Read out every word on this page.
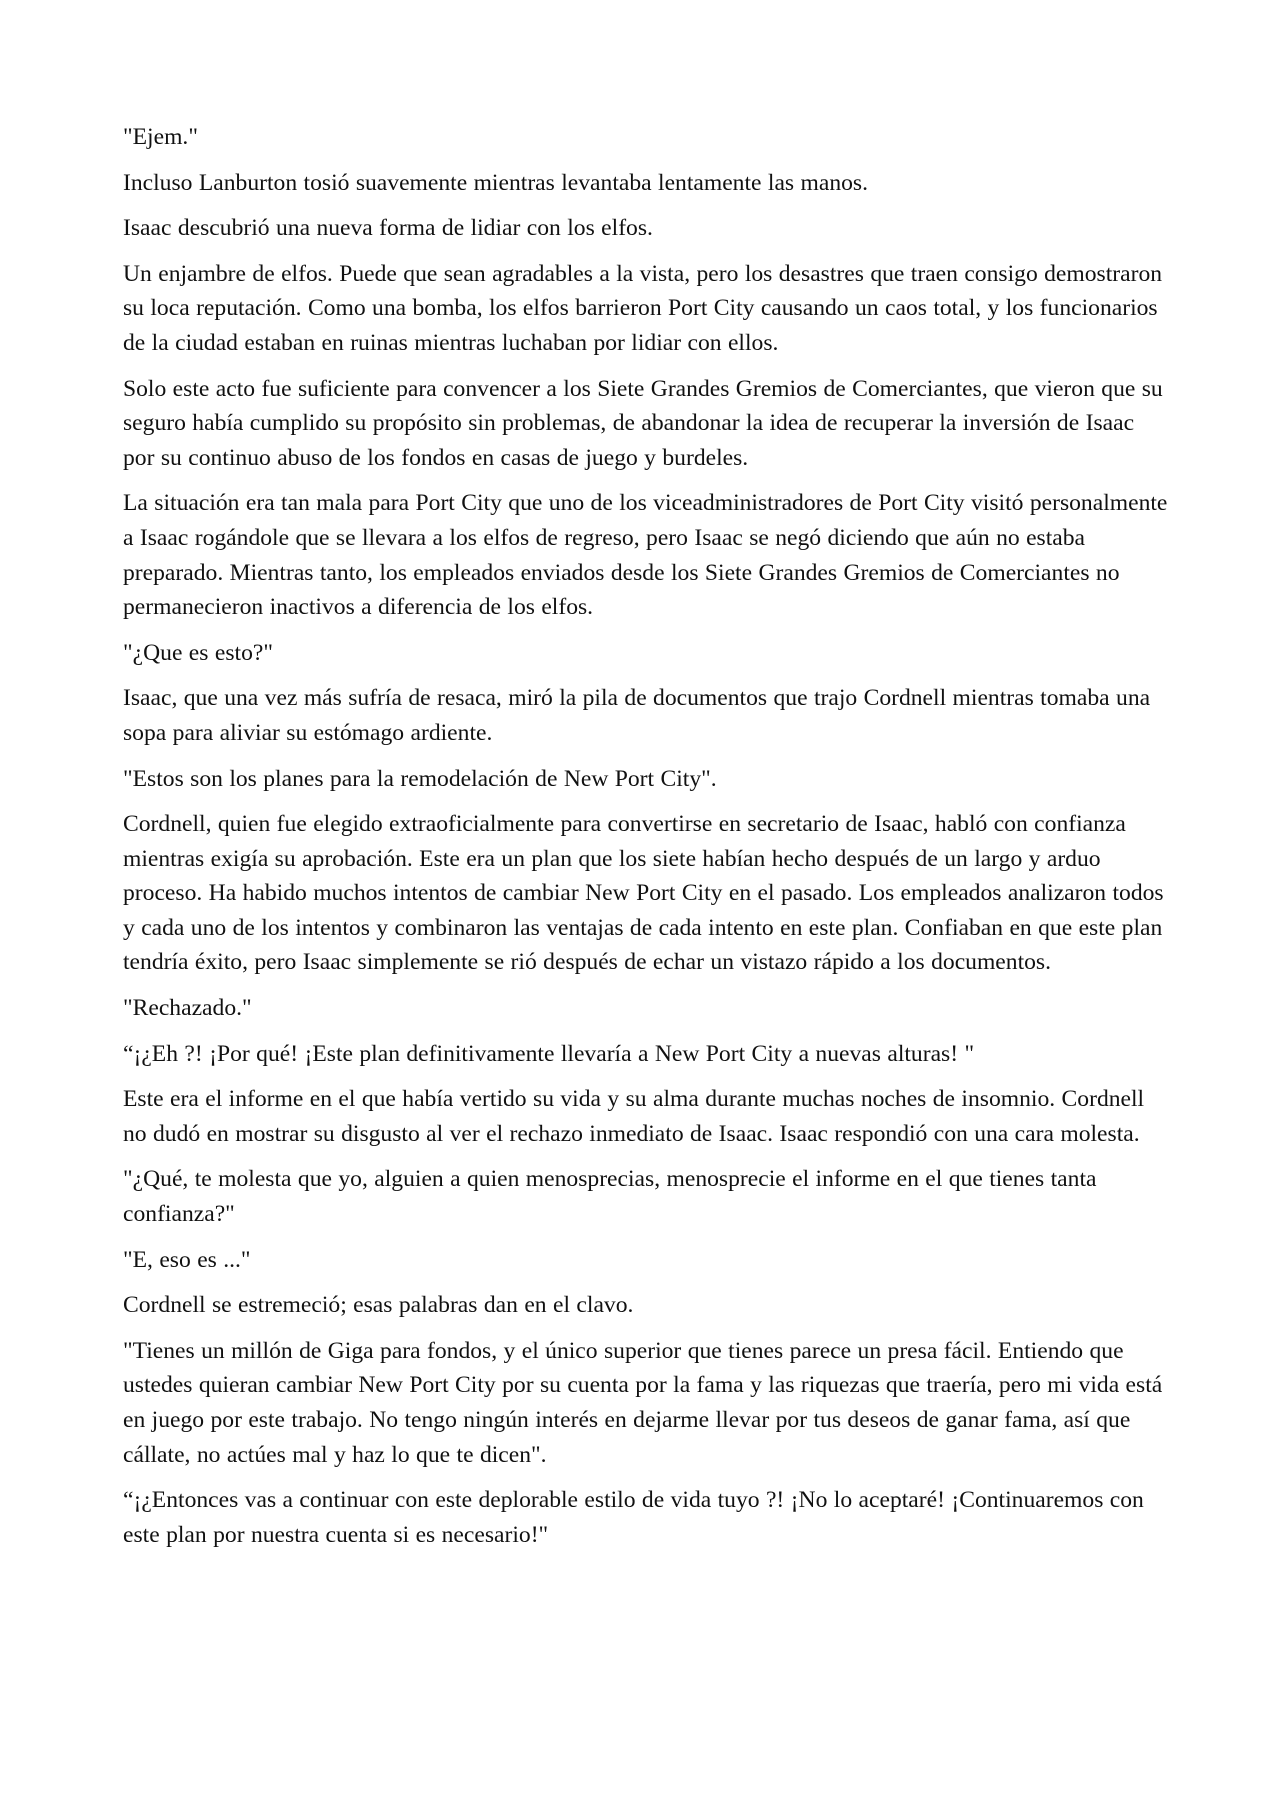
"Ejem."

Incluso Lanburton tosió suavemente mientras levantaba lentamente las manos.

Isaac descubrió una nueva forma de lidiar con los elfos.

Un enjambre de elfos. Puede que sean agradables a la vista, pero los desastres que traen consigo demostraron su loca reputación. Como una bomba, los elfos barrieron Port City causando un caos total, y los funcionarios de la ciudad estaban en ruinas mientras luchaban por lidiar con ellos.

Solo este acto fue suficiente para convencer a los Siete Grandes Gremios de Comerciantes, que vieron que su seguro había cumplido su propósito sin problemas, de abandonar la idea de recuperar la inversión de Isaac por su continuo abuso de los fondos en casas de juego y burdeles.

La situación era tan mala para Port City que uno de los viceadministradores de Port City visitó personalmente a Isaac rogándole que se llevara a los elfos de regreso, pero Isaac se negó diciendo que aún no estaba preparado. Mientras tanto, los empleados enviados desde los Siete Grandes Gremios de Comerciantes no permanecieron inactivos a diferencia de los elfos.

"¿Que es esto?"

Isaac, que una vez más sufría de resaca, miró la pila de documentos que trajo Cordnell mientras tomaba una sopa para aliviar su estómago ardiente.

"Estos son los planes para la remodelación de New Port City".

Cordnell, quien fue elegido extraoficialmente para convertirse en secretario de Isaac, habló con confianza mientras exigía su aprobación. Este era un plan que los siete habían hecho después de un largo y arduo proceso. Ha habido muchos intentos de cambiar New Port City en el pasado. Los empleados analizaron todos y cada uno de los intentos y combinaron las ventajas de cada intento en este plan. Confiaban en que este plan tendría éxito, pero Isaac simplemente se rió después de echar un vistazo rápido a los documentos.

"Rechazado."

“¡¿Eh ?! ¡Por qué! ¡Este plan definitivamente llevaría a New Port City a nuevas alturas! "

Este era el informe en el que había vertido su vida y su alma durante muchas noches de insomnio. Cordnell no dudó en mostrar su disgusto al ver el rechazo inmediato de Isaac. Isaac respondió con una cara molesta.

"¿Qué, te molesta que yo, alguien a quien menosprecias, menosprecie el informe en el que tienes tanta confianza?"

"E, eso es ..."

Cordnell se estremeció; esas palabras dan en el clavo.

"Tienes un millón de Giga para fondos, y el único superior que tienes parece un presa fácil. Entiendo que ustedes quieran cambiar New Port City por su cuenta por la fama y las riquezas que traería, pero mi vida está en juego por este trabajo. No tengo ningún interés en dejarme llevar por tus deseos de ganar fama, así que cállate, no actúes mal y haz lo que te dicen".

“¡¿Entonces vas a continuar con este deplorable estilo de vida tuyo ?! ¡No lo aceptaré! ¡Continuaremos con este plan por nuestra cuenta si es necesario!"
